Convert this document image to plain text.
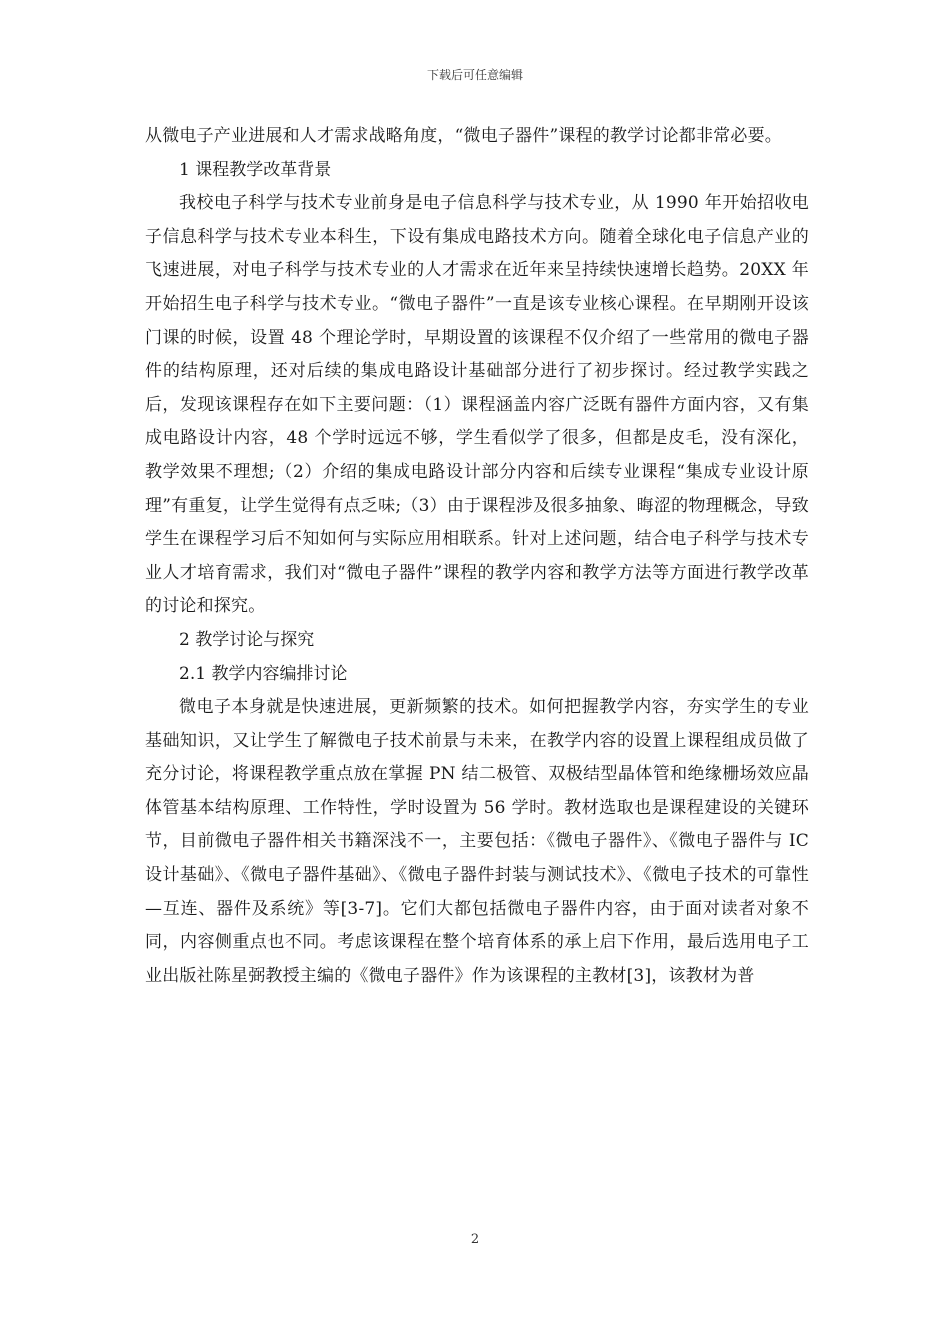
下载后可任意编辑

从微电子产业进展和人才需求战略角度，“微电子器件”课程的教学讨论都非常必要。

1 课程教学改革背景

我校电子科学与技术专业前身是电子信息科学与技术专业，从 1990 年开始招收电子信息科学与技术专业本科生，下设有集成电路技术方向。随着全球化电子信息产业的飞速进展，对电子科学与技术专业的人才需求在近年来呈持续快速增长趋势。20XX 年开始招生电子科学与技术专业。“微电子器件”一直是该专业核心课程。在早期刚开设该门课的时候，设置 48 个理论学时，早期设置的该课程不仅介绍了一些常用的微电子器件的结构原理，还对后续的集成电路设计基础部分进行了初步探讨。经过教学实践之后，发现该课程存在如下主要问题：（1）课程涵盖内容广泛既有器件方面内容，又有集成电路设计内容，48 个学时远远不够，学生看似学了很多，但都是皮毛，没有深化，教学效果不理想;（2）介绍的集成电路设计部分内容和后续专业课程“集成专业设计原理”有重复，让学生觉得有点乏味;（3）由于课程涉及很多抽象、晦涩的物理概念，导致学生在课程学习后不知如何与实际应用相联系。针对上述问题，结合电子科学与技术专业人才培育需求，我们对“微电子器件”课程的教学内容和教学方法等方面进行教学改革的讨论和探究。

2 教学讨论与探究

2.1 教学内容编排讨论

微电子本身就是快速进展，更新频繁的技术。如何把握教学内容，夯实学生的专业基础知识，又让学生了解微电子技术前景与未来，在教学内容的设置上课程组成员做了充分讨论，将课程教学重点放在掌握 PN 结二极管、双极结型晶体管和绝缘栅场效应晶体管基本结构原理、工作特性，学时设置为 56 学时。教材选取也是课程建设的关键环节，目前微电子器件相关书籍深浅不一，主要包括：《微电子器件》、《微电子器件与 IC 设计基础》、《微电子器件基础》、《微电子器件封装与测试技术》、《微电子技术的可靠性—互连、器件及系统》等[3-7]。它们大都包括微电子器件内容，由于面对读者对象不同，内容侧重点也不同。考虑该课程在整个培育体系的承上启下作用，最后选用电子工业出版社陈星弼教授主编的《微电子器件》作为该课程的主教材[3]，该教材为普

2
